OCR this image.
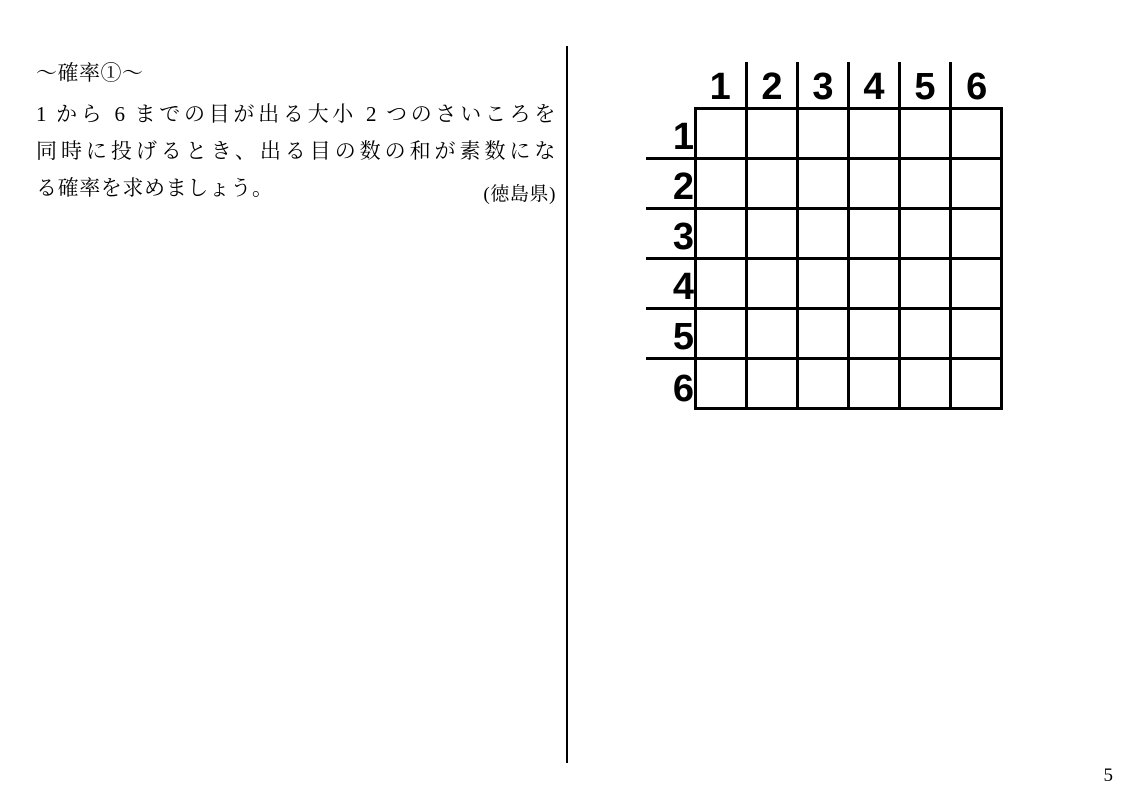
〜確率①〜

1 から 6 までの目が出る大小 2 つのさいころを
同時に投げるとき、出る目の数の和が素数にな
る確率を求めましょう。	(徳島県)
	1	2	3	4	5	6
1						
2						
3						
4						
5						
6						
5
